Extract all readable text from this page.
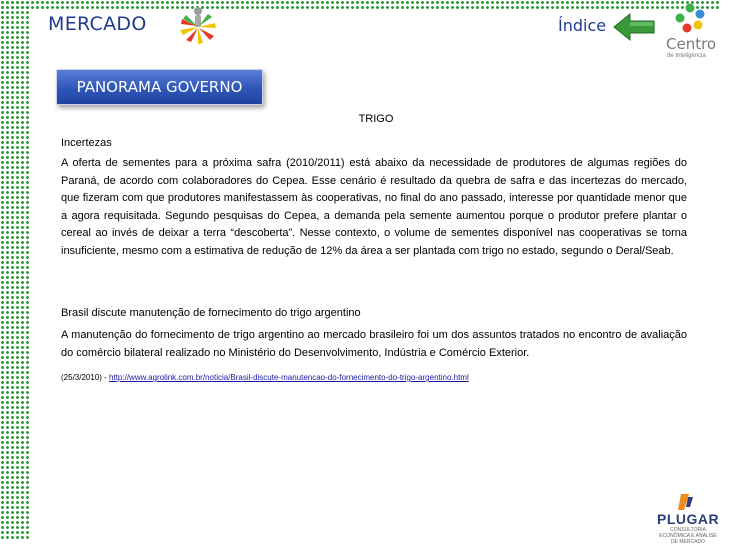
MERCADO	Índice
Centro
de Inteligência
PANORAMA GOVERNO
TRIGO
Incertezas

A oferta de sementes para a próxima safra (2010/2011) está abaixo da necessidade de produtores de algumas regiões do Paraná, de acordo com colaboradores do Cepea. Esse cenário é resultado da quebra de safra e das incertezas do mercado, que fizeram com que produtores manifestassem às cooperativas, no final do ano passado, interesse por quantidade menor que a agora requisitada. Segundo pesquisas do Cepea, a demanda pela semente aumentou porque o produtor prefere plantar o cereal ao invés de deixar a terra “descoberta”. Nesse contexto, o volume de sementes disponível nas cooperativas se torna insuficiente, mesmo com a estimativa de redução de 12% da área a ser plantada com trigo no estado, segundo o Deral/Seab.

Brasil discute manutenção de fornecimento do trigo argentino

A manutenção do fornecimento de trigo argentino ao mercado brasileiro foi um dos assuntos tratados no encontro de avaliação do comércio bilateral realizado no Ministério do Desenvolvimento, Indústria e Comércio Exterior.

(25/3/2010) - http://www.agrolink.com.br/noticia/Brasil-discute-manutencao-do-fornecimento-do-trigo-argentino.html
PLUGAR
CONSULTORIA ECONÔMICA E ANÁLISE DE MERCADO
